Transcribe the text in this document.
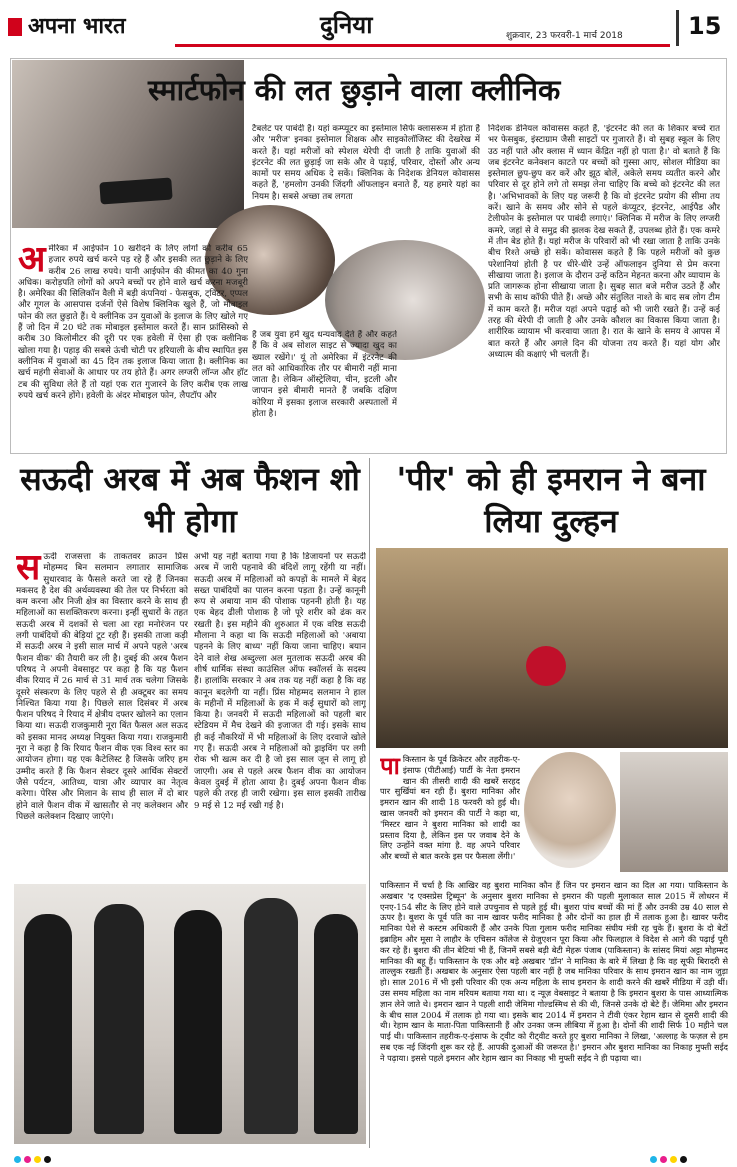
अपना भारत	दुनिया	शुक्रवार, 23 फरवरी-1 मार्च 2018	15
स्मार्टफोन की लत छुड़ाने वाला क्लीनिक
अ मेरिका में आईफोन 10 खरीदने के लिए लोगों को करीब 65 हजार रुपये खर्च करने पड़ रहे हैं और इसकी लत छुड़ाने के लिए करीब 26 लाख रुपये। यानी आईफोन की कीमत का 40 गुना अधिक। करोड़पति लोगों को अपने बच्चों पर होने वाले खर्च करना मजबूरी है। अमेरिका की सिलिकॉन वैली में बड़ी कंपनियां - फेसबुक, ट्विटर, एप्पल और गूगल के आसपास दर्जनों ऐसे विशेष क्लिनिक खुले हैं, जो मोबाइल फोन की लत छुड़ाते हैं। ये क्लीनिक उन युवाओं के इलाज के लिए खोले गए हैं जो दिन में 20 घंटे तक मोबाइल इस्तेमाल करते हैं। सान फ्रांसिस्को से करीब 30 किलोमीटर की दूरी पर एक हवेली में ऐसा ही एक क्लीनिक खोला गया है। पहाड़ की सबसे ऊंची चोटी पर हरियाली के बीच स्थापित इस क्लीनिक में युवाओं का 45 दिन तक इलाज किया जाता है। क्लीनिक का खर्च महंगी सेवाओं के आधार पर तय होते हैं। अगर लग्जरी लॉन्ज और हॉट टब की सुविधा लेते हैं तो यहां एक रात गुजारने के लिए करीब एक लाख रुपये खर्च करने होंगे। हवेली के अंदर मोबाइल फोन, लैपटॉप और
टैबलेट पर पाबंदी है। यहां कम्प्यूटर का इस्तेमाल सिर्फ क्लासरूम में होता है और 'मरीज' इनका इस्तेमाल शिक्षक और साइकोलॉजिस्ट की देखरेख में करते हैं। यहां मरीजों को स्पेशल थेरेपी दी जाती है ताकि युवाओं की इंटरनेट की लत छुड़ाई जा सके और वे पढ़ाई, परिवार, दोस्तों और अन्य कामों पर समय अधिक दे सकें। क्लिनिक के निदेशक डेनियल कोवासस कहते हैं, 'हमलोग उनकी जिंदगी ऑफलाइन बनाते हैं, यह हमारे यहां का नियम है। सबसे अच्छा तब लगता
है जब युवा हमें खुद धन्यवाद देते हैं और कहते हैं कि वे अब सोशल साइट से ज्यादा खुद का ख्याल रखेंगे।' यूं तो अमेरिका में इंटरनेट की लत को आधिकारिक तौर पर बीमारी नहीं माना जाता है। लेकिन ऑस्ट्रेलिया, चीन, इटली और जापान इसे बीमारी मानते हैं जबकि दक्षिण कोरिया में इसका इलाज सरकारी अस्पतालों में होता है।
निदेशक डेनियल कोवासस कहते हैं, 'इंटरनेट की लत के शिकार बच्चे रात भर फेसबुक, इंस्टाग्राम जैसी साइटों पर गुजारते हैं। वो सुबह स्कूल के लिए उठ नहीं पाते और क्लास में ध्यान केंद्रित नहीं हो पाता है।' वो बताते हैं कि जब इंटरनेट कनेक्शन काटते पर बच्चों को गुस्सा आए, सोशल मीडिया का इस्तेमाल छुप-छुप कर करें और झूठ बोलें, अकेले समय व्यतीत करने और परिवार से दूर होने लगे तो समझ लेना चाहिए कि बच्चे को इंटरनेट की लत है। 'अभिभावकों के लिए यह जरूरी है कि वो इंटरनेट प्रयोग की सीमा तय करें। खाने के समय और सोने से पहले कंप्यूटर, इंटरनेट, आईपैड और टेलीफोन के इस्तेमाल पर पाबंदी लगाएं।' क्लिनिक में मरीज के लिए लग्जरी कमरे, जहां से वे समुद्र की झलक देख सकते हैं, उपलब्ध होते हैं। एक कमरे में तीन बेड होते हैं। यहां मरीज के परिवारों को भी रखा जाता है ताकि उनके बीच रिश्ते अच्छे हो सकें। कोवासस कहते हैं कि पहले मरीजों को कुछ परेशानियां होती है पर धीरे-धीरे उन्हें ऑफलाइन दुनिया से प्रेम करना सीखाया जाता है। इलाज के दौरान उन्हें कठिन मेहनत करना और व्यायाम के प्रति जागरूक होना सीखाया जाता है। सुबह सात बजे मरीज उठते हैं और सभी के साथ कॉफी पीते हैं। अच्छे और संतुलित नाश्ते के बाद सब लोग टीम में काम करते हैं। मरीज यहां अपने पढ़ाई को भी जारी रखते हैं। उन्हें कई तरह की थेरेपी दी जाती है और उनके कौशल का विकास किया जाता है। शारीरिक व्यायाम भी करवाया जाता है। रात के खाने के समय वे आपस में बात करते हैं और अगले दिन की योजना तय करते हैं। यहां योग और अध्यात्म की कक्षाएं भी चलती हैं।
सऊदी अरब में अब फैशन शो भी होगा
स ऊदी राजसत्ता के ताकतवर क्राउन प्रिंस मोहम्मद बिन सलमान लगातार सामाजिक सुधारवाद के फैसले करते जा रहे हैं जिनका मकसद है देश की अर्थव्यवस्था की तेल पर निर्भरता को कम करना और निजी क्षेत्र का विस्तार करने के साथ ही महिलाओं का सशक्तिकरण करना। इन्हीं सुधारों के तहत सऊदी अरब में दशकों से चला आ रहा मनोरंजन पर लगी पाबंदियों की बेड़ियां टूट रही हैं। इसकी ताजा कड़ी में सऊदी अरब ने इसी साल मार्च में अपने पहले 'अरब फैशन वीक' की तैयारी कर ली है। दुबई की अरब फैशन परिषद ने अपनी वेबसाइट पर कहा है कि यह फैशन वीक रियाद में 26 मार्च से 31 मार्च तक चलेगा जिसके दूसरे संस्करण के लिए पहले से ही अक्टूबर का समय निश्चित किया गया है। पिछले साल दिसंबर में अरब फैशन परिषद ने रियाद में क्षेत्रीय दफ्तर खोलने का एलान किया था। सऊदी राजकुमारी नूरा बिंत फैसल अल सऊद को इसका मानद अध्यक्ष नियुक्त किया गया। राजकुमारी नूरा ने कहा है कि रियाद फैशन वीक एक विश्व स्तर का आयोजन होगा। यह एक कैटेलिस्ट है जिसके जरिए हम उम्मीद करते हैं कि फैशन सेक्टर दूसरे आर्थिक सेक्टरों जैसे पर्यटन, आतिथ्य, यात्रा और व्यापार का नेतृत्व करेगा। पेरिस और मिलान के साथ ही साल में दो बार होने वाले फैशन वीक में खासतौर से नए कलेक्शन और पिछले कलेक्शन दिखाए जाएंगे।
अभी यह नहीं बताया गया है कि डिजायनों पर सऊदी अरब में जारी पहनावे की बंदिशें लागू रहेंगी या नहीं। सऊदी अरब में महिलाओं को कपड़ों के मामले में बेहद सख्त पाबंदियों का पालन करना पड़ता है। उन्हें कानूनी रूप से अबाया नाम की पोशाक पहननी होती है। यह एक बेहद ढीली पोशाक है जो पूरे शरीर को ढंक कर रखती है। इस महीने की शुरुआत में एक वरिष्ठ सऊदी मौलाना ने कहा था कि सऊदी महिलाओं को 'अबाया पहनने के लिए बाध्य' नहीं किया जाना चाहिए। बयान देने वाले शेख अब्दुल्ला अल मुतलाक सऊदी अरब की शीर्ष धार्मिक संस्था काउंसिल ऑफ स्कॉलर्स के सदस्य हैं। हालांकि सरकार ने अब तक यह नहीं कहा है कि वह कानून बदलेगी या नहीं। प्रिंस मोहम्मद सलमान ने हाल के महीनों में महिलाओं के हक में कई सुधारों को लागू किया है। जनवरी में सऊदी महिलाओं को पहली बार स्टेडियम में मैच देखने की इजाजत दी गई। इसके साथ ही कई नौकरियों में भी महिलाओं के लिए दरवाजे खोले गए हैं। सऊदी अरब ने महिलाओं को ड्राइविंग पर लगी रोक भी खत्म कर दी है जो इस साल जून से लागू हो जाएगी। अब से पहले अरब फैशन वीक का आयोजन केवल दुबई में होता आया है। दुबई अपना फैशन वीक पहले की तरह ही जारी रखेगा। इस साल इसकी तारीख 9 मई से 12 मई रखी गई है।
'पीर' को ही इमरान ने बना लिया दुल्हन
पा किस्तान के पूर्व क्रिकेटर और तहरीक-ए-इंसाफ (पीटीआई) पार्टी के नेता इमरान खान की तीसरी शादी की खबरें सरहद पार सुर्खियां बन रही हैं। बुशरा मानिका और इमरान खान की शादी 18 फरवरी को हुई थी। खास जनवरी को इमरान की पार्टी ने कहा था, 'मिस्टर खान ने बुशरा मानिका को शादी का प्रस्ताव दिया है, लेकिन इस पर जवाब देने के लिए उन्होंने वक्त मांगा है. वह अपने परिवार और बच्चों से बात करके इस पर फैसला लेंगी।'
पाकिस्तान में चर्चा है कि आखिर वह बुशरा मानिका कौन हैं जिन पर इमरान खान का दिल आ गया। पाकिस्तान के अखबार 'द एक्सप्रेस ट्रिब्यून' के अनुसार बुशरा मानिका से इमरान की पहली मुलाकात साल 2015 में लोधरन में एनए-154 सीट के लिए होने वाले उपचुनाव से पहले हुई थी। बुशरा पांच बच्चों की मां हैं और उनकी उम्र 40 साल से ऊपर है। बुशरा के पूर्व पति का नाम खावर फरीद मानिका है और दोनों का हाल ही में तलाक हुआ है। खावर फरीद मानिका पेशे से कस्टम अधिकारी हैं और उनके पिता गुलाम फरीद मानिका संघीय मंत्री रह चुके हैं। बुशरा के दो बेटों इब्राहिम और मूसा ने लाहौर के एचिसन कॉलेज से ग्रेजुएशन पूरा किया और फिलहाल वे विदेश से आगे की पढ़ाई पूरी कर रहे हैं। बुशरा की तीन बेटियां भी हैं, जिनमें सबसे बड़ी बेटी मेहरू पंजाब (पाकिस्तान) के सांसद मियां अट्टा मोहम्मद मानिका की बहू हैं। पाकिस्तान के एक और बड़े अखबार 'डॉन' ने मानिका के बारे में लिखा है कि वह सूफी बिरादरी से ताल्लुक रखती हैं। अखबार के अनुसार ऐसा पहली बार नहीं है जब मानिका परिवार के साथ इमरान खान का नाम जुड़ा हो। साल 2016 में भी इसी परिवार की एक अन्य महिला के साथ इमरान के शादी करने की खबरें मीडिया में उड़ी थीं। उस समय महिला का नाम मरियम बताया गया था। द न्यूज़ वेबसाइट ने बताया है कि इमरान बुशरा के पास आध्यात्मिक ज्ञान लेने जाते थे। इमरान खान ने पहली शादी जेमिमा गोल्डस्मिथ से की थी, जिनसे उनके दो बेटे हैं। जेमिमा और इमरान के बीच साल 2004 में तलाक हो गया था। इसके बाद 2014 में इमरान ने टीवी एंकर रेहाम खान से दूसरी शादी की थी। रेहाम खान के माता-पिता पाकिस्तानी हैं और उनका जन्म लीबिया में हुआ है। दोनों की शादी सिर्फ 10 महीने चल पाई थी। पाकिस्तान तहरीक-ए-इंसाफ के ट्वीट को रीट्वीट करते हुए बुशरा मानिका ने लिखा, 'अल्लाह के फज़ल से हम सब एक नई जिंदगी शुरू कर रहे हैं. आपकी दुआओं की जरूरत है।' इमरान और बुशरा मानिका का निकाह मुफ्ती सईद ने पढ़ाया। इससे पहले इमरान और रेहाम खान का निकाह भी मुफ्ती सईद ने ही पढ़ाया था।
